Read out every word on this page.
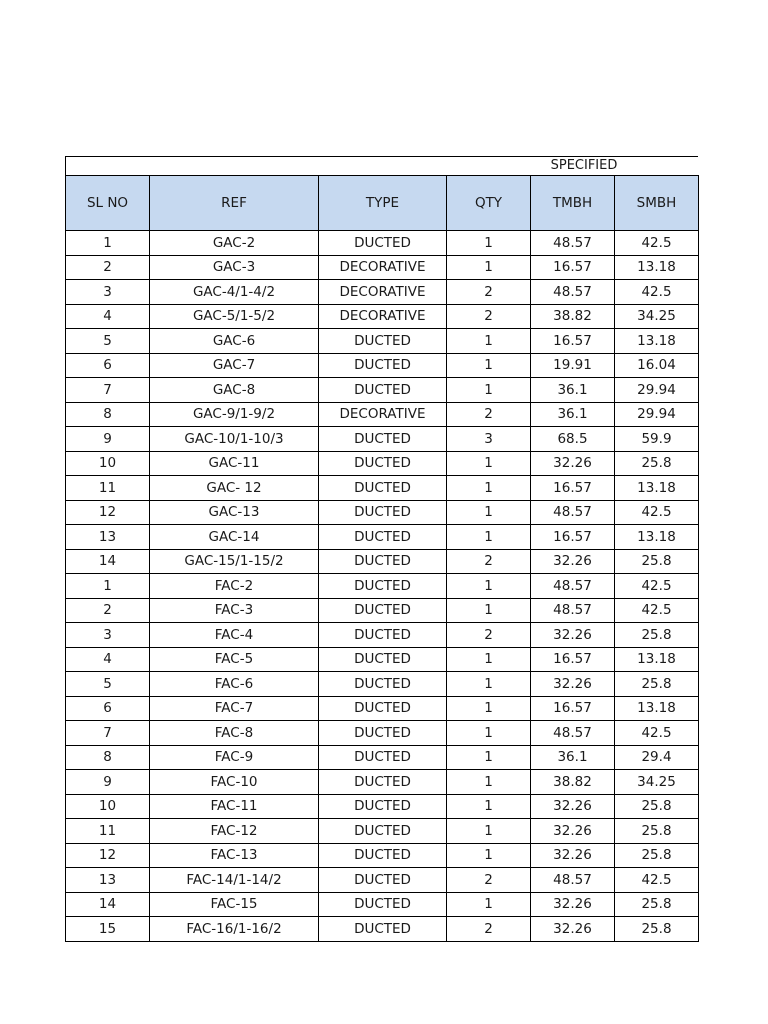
SPECIFIED
SL NO	REF	TYPE	QTY	TMBH	SMBH
1	GAC-2	DUCTED	1	48.57	42.5
2	GAC-3	DECORATIVE	1	16.57	13.18
3	GAC-4/1-4/2	DECORATIVE	2	48.57	42.5
4	GAC-5/1-5/2	DECORATIVE	2	38.82	34.25
5	GAC-6	DUCTED	1	16.57	13.18
6	GAC-7	DUCTED	1	19.91	16.04
7	GAC-8	DUCTED	1	36.1	29.94
8	GAC-9/1-9/2	DECORATIVE	2	36.1	29.94
9	GAC-10/1-10/3	DUCTED	3	68.5	59.9
10	GAC-11	DUCTED	1	32.26	25.8
11	GAC- 12	DUCTED	1	16.57	13.18
12	GAC-13	DUCTED	1	48.57	42.5
13	GAC-14	DUCTED	1	16.57	13.18
14	GAC-15/1-15/2	DUCTED	2	32.26	25.8
1	FAC-2	DUCTED	1	48.57	42.5
2	FAC-3	DUCTED	1	48.57	42.5
3	FAC-4	DUCTED	2	32.26	25.8
4	FAC-5	DUCTED	1	16.57	13.18
5	FAC-6	DUCTED	1	32.26	25.8
6	FAC-7	DUCTED	1	16.57	13.18
7	FAC-8	DUCTED	1	48.57	42.5
8	FAC-9	DUCTED	1	36.1	29.4
9	FAC-10	DUCTED	1	38.82	34.25
10	FAC-11	DUCTED	1	32.26	25.8
11	FAC-12	DUCTED	1	32.26	25.8
12	FAC-13	DUCTED	1	32.26	25.8
13	FAC-14/1-14/2	DUCTED	2	48.57	42.5
14	FAC-15	DUCTED	1	32.26	25.8
15	FAC-16/1-16/2	DUCTED	2	32.26	25.8
